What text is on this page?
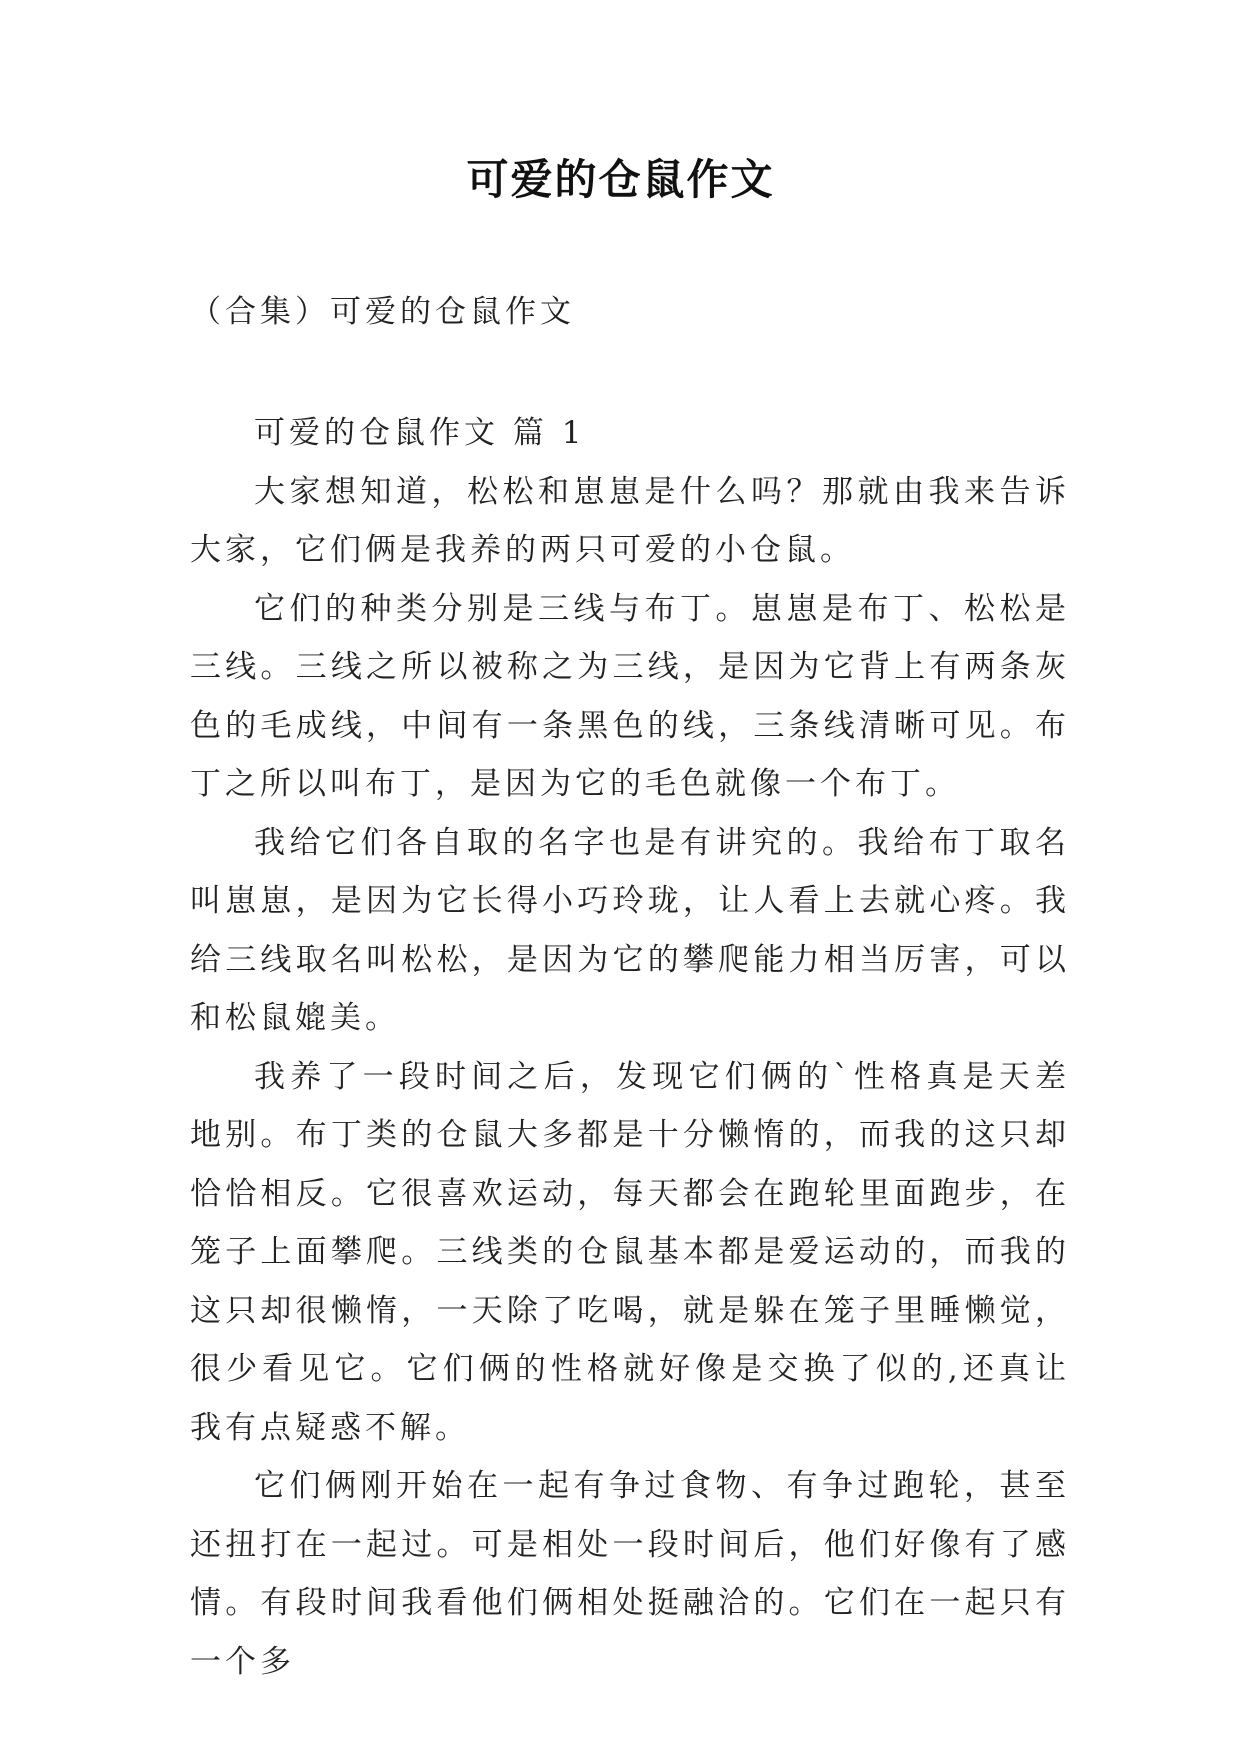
可爱的仓鼠作文
（合集）可爱的仓鼠作文

可爱的仓鼠作文 篇 1

大家想知道，松松和崽崽是什么吗？那就由我来告诉大家，它们俩是我养的两只可爱的小仓鼠。

它们的种类分别是三线与布丁。崽崽是布丁、松松是三线。三线之所以被称之为三线，是因为它背上有两条灰色的毛成线，中间有一条黑色的线，三条线清晰可见。布丁之所以叫布丁，是因为它的毛色就像一个布丁。

我给它们各自取的名字也是有讲究的。我给布丁取名叫崽崽，是因为它长得小巧玲珑，让人看上去就心疼。我给三线取名叫松松，是因为它的攀爬能力相当厉害，可以和松鼠媲美。

我养了一段时间之后，发现它们俩的`性格真是天差地别。布丁类的仓鼠大多都是十分懒惰的，而我的这只却恰恰相反。它很喜欢运动，每天都会在跑轮里面跑步，在笼子上面攀爬。三线类的仓鼠基本都是爱运动的，而我的这只却很懒惰，一天除了吃喝，就是躲在笼子里睡懒觉，很少看见它。它们俩的性格就好像是交换了似的,还真让我有点疑惑不解。

它们俩刚开始在一起有争过食物、有争过跑轮，甚至还扭打在一起过。可是相处一段时间后，他们好像有了感情。有段时间我看他们俩相处挺融洽的。它们在一起只有一个多
